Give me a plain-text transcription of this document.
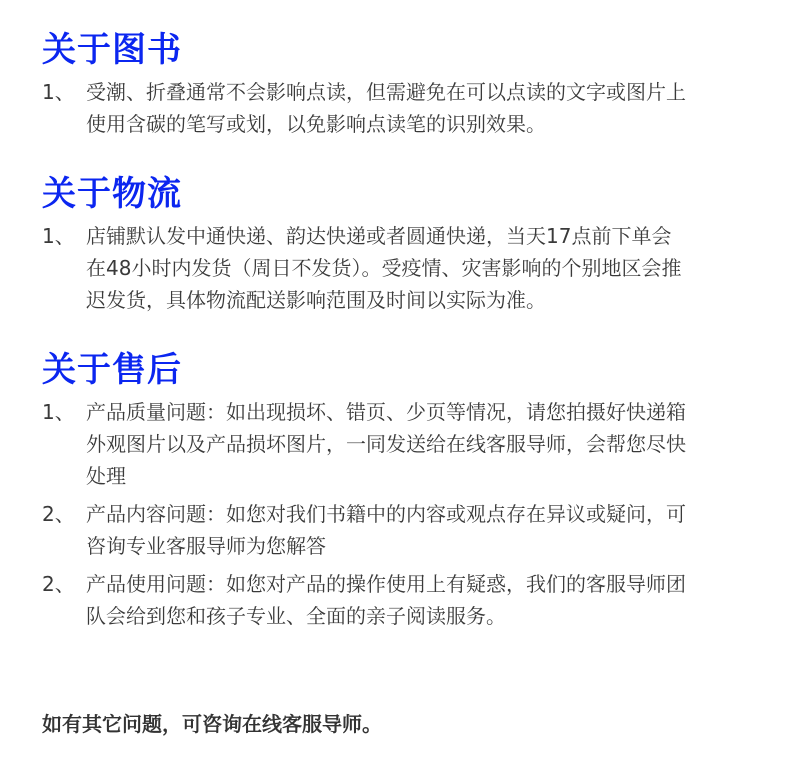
关于图书
1、 受潮、折叠通常不会影响点读，但需避免在可以点读的文字或图片上使用含碳的笔写或划，以免影响点读笔的识别效果。
关于物流
1、 店铺默认发中通快递、韵达快递或者圆通快递，当天17点前下单会在48小时内发货（周日不发货）。受疫情、灾害影响的个别地区会推迟发货，具体物流配送影响范围及时间以实际为准。
关于售后
1、 产品质量问题：如出现损坏、错页、少页等情况，请您拍摄好快递箱外观图片以及产品损坏图片，一同发送给在线客服导师，会帮您尽快处理
2、 产品内容问题：如您对我们书籍中的内容或观点存在异议或疑问，可咨询专业客服导师为您解答
2、 产品使用问题：如您对产品的操作使用上有疑惑，我们的客服导师团队会给到您和孩子专业、全面的亲子阅读服务。

如有其它问题，可咨询在线客服导师。
